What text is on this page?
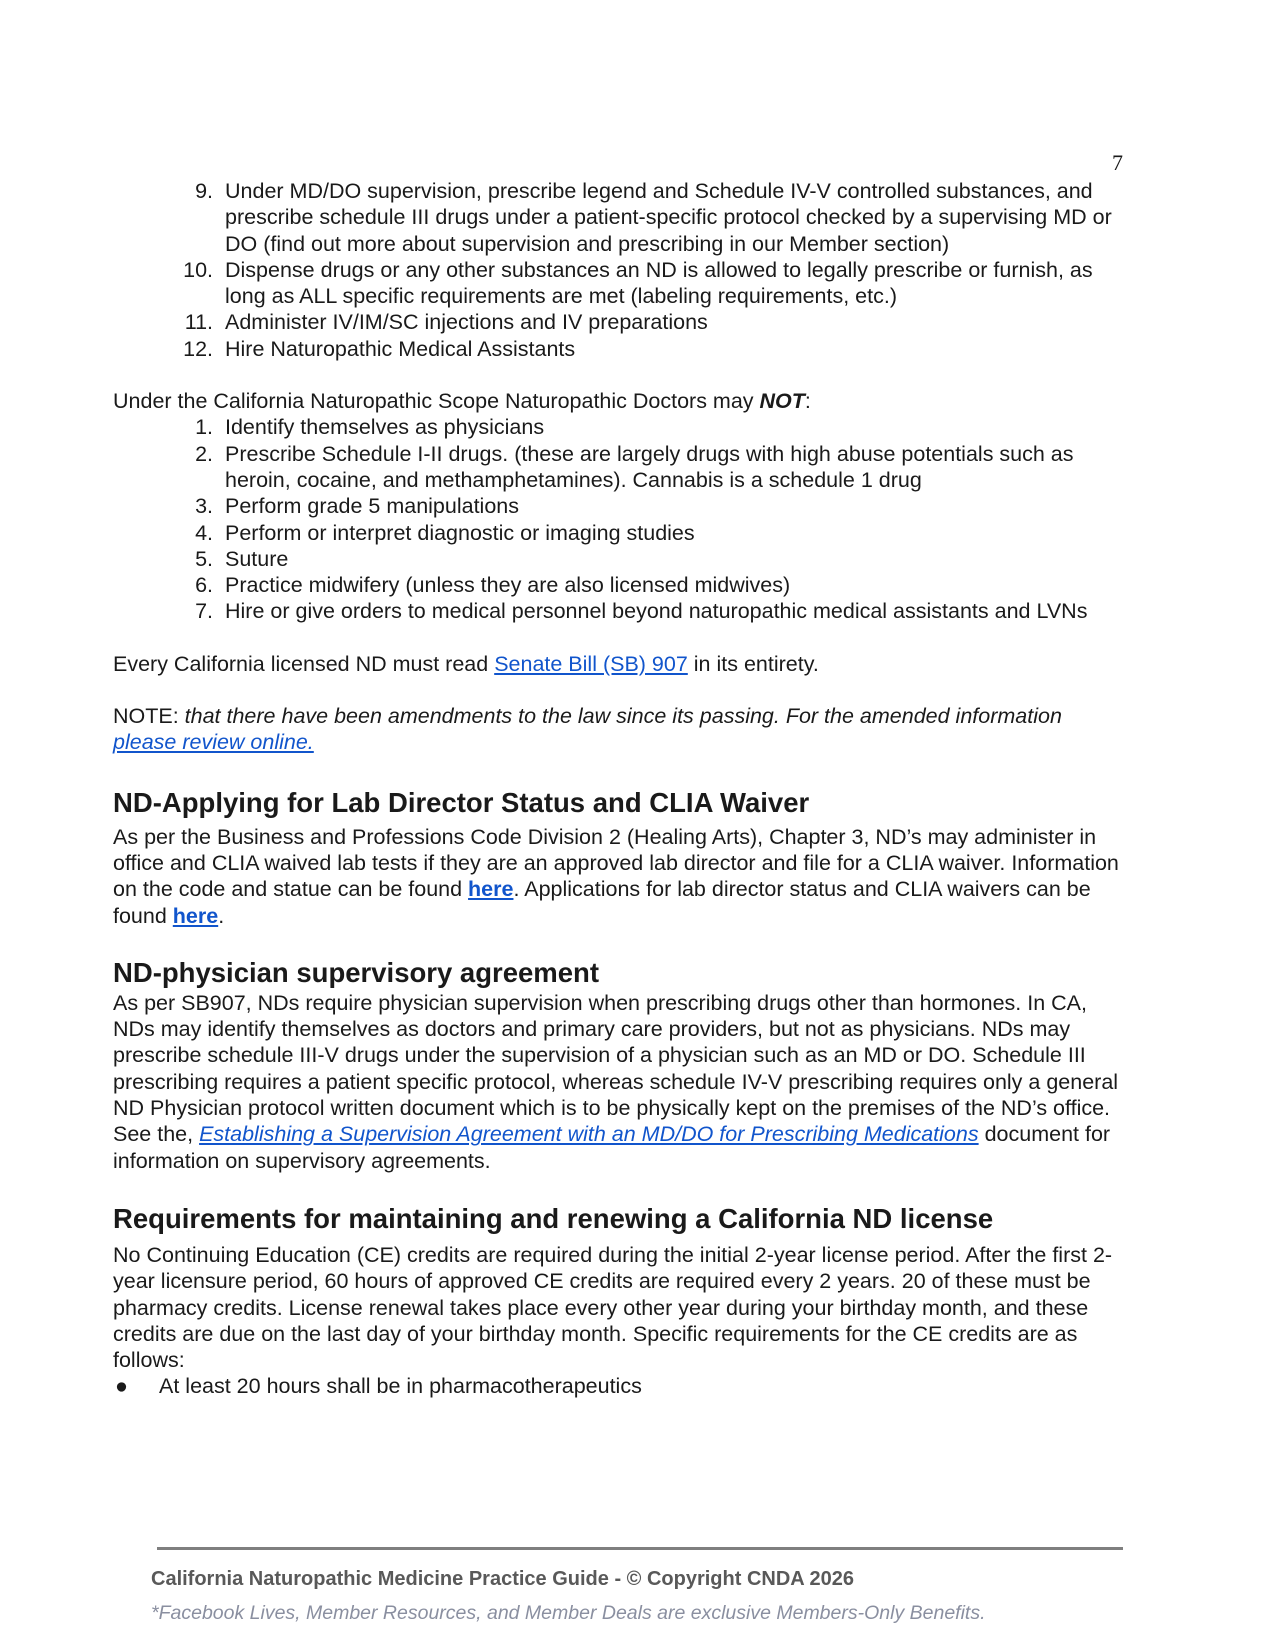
7
9. Under MD/DO supervision, prescribe legend and Schedule IV-V controlled substances, and prescribe schedule III drugs under a patient-specific protocol checked by a supervising MD or DO (find out more about supervision and prescribing in our Member section)
10. Dispense drugs or any other substances an ND is allowed to legally prescribe or furnish, as long as ALL specific requirements are met (labeling requirements, etc.)
11. Administer IV/IM/SC injections and IV preparations
12. Hire Naturopathic Medical Assistants

Under the California Naturopathic Scope Naturopathic Doctors may NOT:

1. Identify themselves as physicians
2. Prescribe Schedule I-II drugs. (these are largely drugs with high abuse potentials such as heroin, cocaine, and methamphetamines). Cannabis is a schedule 1 drug
3. Perform grade 5 manipulations
4. Perform or interpret diagnostic or imaging studies
5. Suture
6. Practice midwifery (unless they are also licensed midwives)
7. Hire or give orders to medical personnel beyond naturopathic medical assistants and LVNs

Every California licensed ND must read Senate Bill (SB) 907 in its entirety.

NOTE: that there have been amendments to the law since its passing. For the amended information please review online.

ND-Applying for Lab Director Status and CLIA Waiver

As per the Business and Professions Code Division 2 (Healing Arts), Chapter 3, ND’s may administer in office and CLIA waived lab tests if they are an approved lab director and file for a CLIA waiver. Information on the code and statue can be found here. Applications for lab director status and CLIA waivers can be found here.

ND-physician supervisory agreement

As per SB907, NDs require physician supervision when prescribing drugs other than hormones. In CA, NDs may identify themselves as doctors and primary care providers, but not as physicians. NDs may prescribe schedule III-V drugs under the supervision of a physician such as an MD or DO. Schedule III prescribing requires a patient specific protocol, whereas schedule IV-V prescribing requires only a general ND Physician protocol written document which is to be physically kept on the premises of the ND’s office. See the, Establishing a Supervision Agreement with an MD/DO for Prescribing Medications document for information on supervisory agreements.

Requirements for maintaining and renewing a California ND license

No Continuing Education (CE) credits are required during the initial 2-year license period. After the first 2-year licensure period, 60 hours of approved CE credits are required every 2 years. 20 of these must be pharmacy credits. License renewal takes place every other year during your birthday month, and these credits are due on the last day of your birthday month. Specific requirements for the CE credits are as follows:

● At least 20 hours shall be in pharmacotherapeutics
California Naturopathic Medicine Practice Guide - © Copyright CNDA 2026
*Facebook Lives, Member Resources, and Member Deals are exclusive Members-Only Benefits.
